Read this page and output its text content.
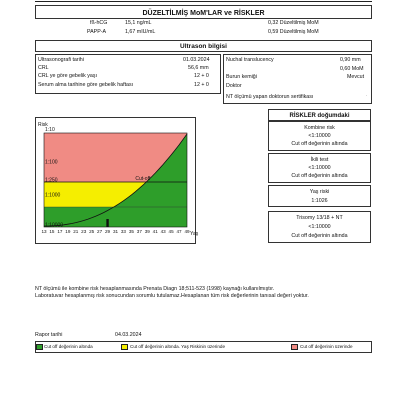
DÜZELTİLMİŞ MoM'LAR ve RİSKLER
fß-hCG	15,1 ng/mL	0,32 Düzeltilmiş MoM
PAPP-A	1,67 mIU/mL	0,59 Düzeltilmiş MoM
Ultrason bilgisi
Ultrasonografi tarihi	01.03.2024
CRL	56,6 mm
CRL ye göre gebelik yaşı	12 + 0
Serum alma tarihine göre gebelik haftası	12 + 0
Nuchal translucency	0,90 mm
0,60 MoM
Burun kemiği	Mevcut
Doktor
NT ölçümü yapan doktorun sertifikası	.
1:10
1:100
1:250
1:1000
1:10000
Risk
13 15 17 19 21 23 25 27 29 31 33 35 37 39 41 43 45 47 49 Yaş
Cut-off
RİSKLER doğumdaki
Kombine risk
<1:10000
Cut off değerinin altında
İkili test
<1:10000
Cut off değerinin altında
Yaş riski
1:1026
Trisomy 13/18 + NT
<1:10000
Cut off değerinin altında
NT ölçümü ile kombine risk hesaplanmasında Prenata Diagn 18;511-523 (1998) kaynağı kullanılmıştır.
Laboratuvar hesaplanmış risk sonucundan sorumlu tutulamaz.Hesaplanan tüm risk değerlerinin tanısal değeri yoktur.
Rapor tarihi	04.03.2024
Cut off değerinin altında	Cut off değerinin altında. Yaş Riskinin üzerinde	Cut off değerinin üzerinde
